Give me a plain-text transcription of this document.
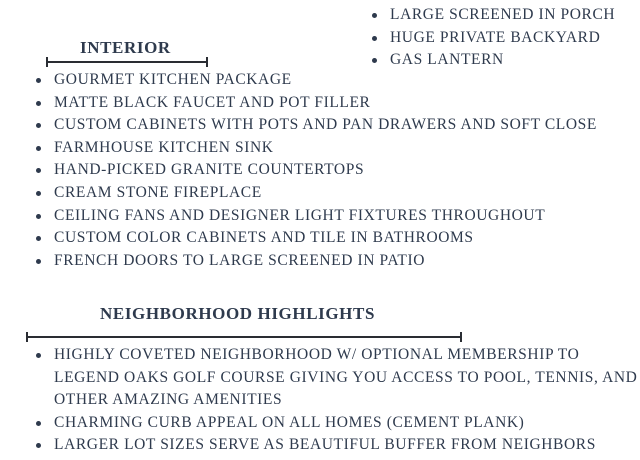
LARGE SCREENED IN PORCH
HUGE PRIVATE BACKYARD
GAS LANTERN
INTERIOR
GOURMET KITCHEN PACKAGE
MATTE BLACK FAUCET AND POT FILLER
CUSTOM CABINETS WITH POTS AND PAN DRAWERS AND SOFT CLOSE
FARMHOUSE KITCHEN SINK
HAND-PICKED GRANITE COUNTERTOPS
CREAM STONE FIREPLACE
CEILING FANS AND DESIGNER LIGHT FIXTURES THROUGHOUT
CUSTOM COLOR CABINETS AND TILE IN BATHROOMS
FRENCH DOORS TO LARGE SCREENED IN PATIO
NEIGHBORHOOD HIGHLIGHTS
HIGHLY COVETED NEIGHBORHOOD W/ OPTIONAL MEMBERSHIP TO LEGEND OAKS GOLF COURSE GIVING YOU ACCESS TO POOL, TENNIS, AND OTHER AMAZING AMENITIES
CHARMING CURB APPEAL ON ALL HOMES (CEMENT PLANK)
LARGER LOT SIZES SERVE AS BEAUTIFUL BUFFER FROM NEIGHBORS
